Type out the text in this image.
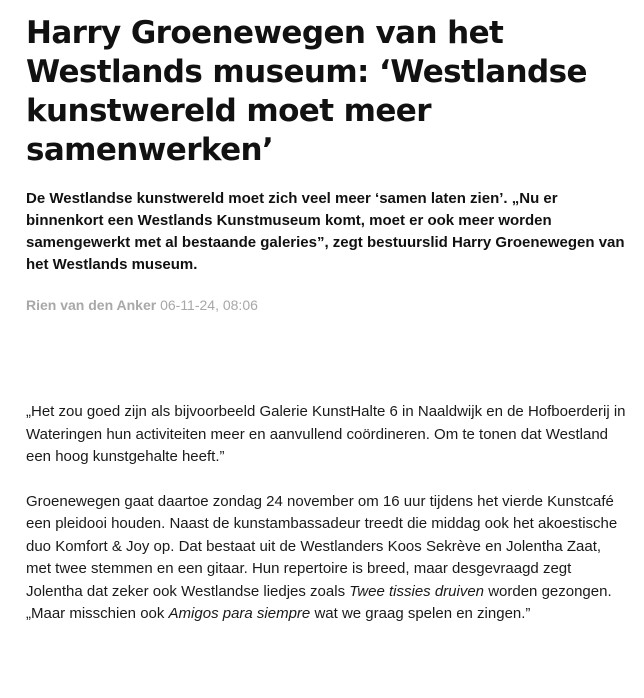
Harry Groenewegen van het Westlands museum: ‘Westlandse kunstwereld moet meer samenwerken’

De Westlandse kunstwereld moet zich veel meer ‘samen laten zien’. „Nu er binnenkort een Westlands Kunstmuseum komt, moet er ook meer worden samengewerkt met al bestaande galeries”, zegt bestuurslid Harry Groenewegen van het Westlands museum.

Rien van den Anker 06-11-24, 08:06

„Het zou goed zijn als bijvoorbeeld Galerie KunstHalte 6 in Naaldwijk en de Hofboerderij in Wateringen hun activiteiten meer en aanvullend coördineren. Om te tonen dat Westland een hoog kunstgehalte heeft.”

Groenewegen gaat daartoe zondag 24 november om 16 uur tijdens het vierde Kunstcafé een pleidooi houden. Naast de kunstambassadeur treedt die middag ook het akoestische duo Komfort & Joy op. Dat bestaat uit de Westlanders Koos Sekrève en Jolentha Zaat, met twee stemmen en een gitaar. Hun repertoire is breed, maar desgevraagd zegt Jolentha dat zeker ook Westlandse liedjes zoals Twee tissies druiven worden gezongen. „Maar misschien ook Amigos para siempre wat we graag spelen en zingen.”
